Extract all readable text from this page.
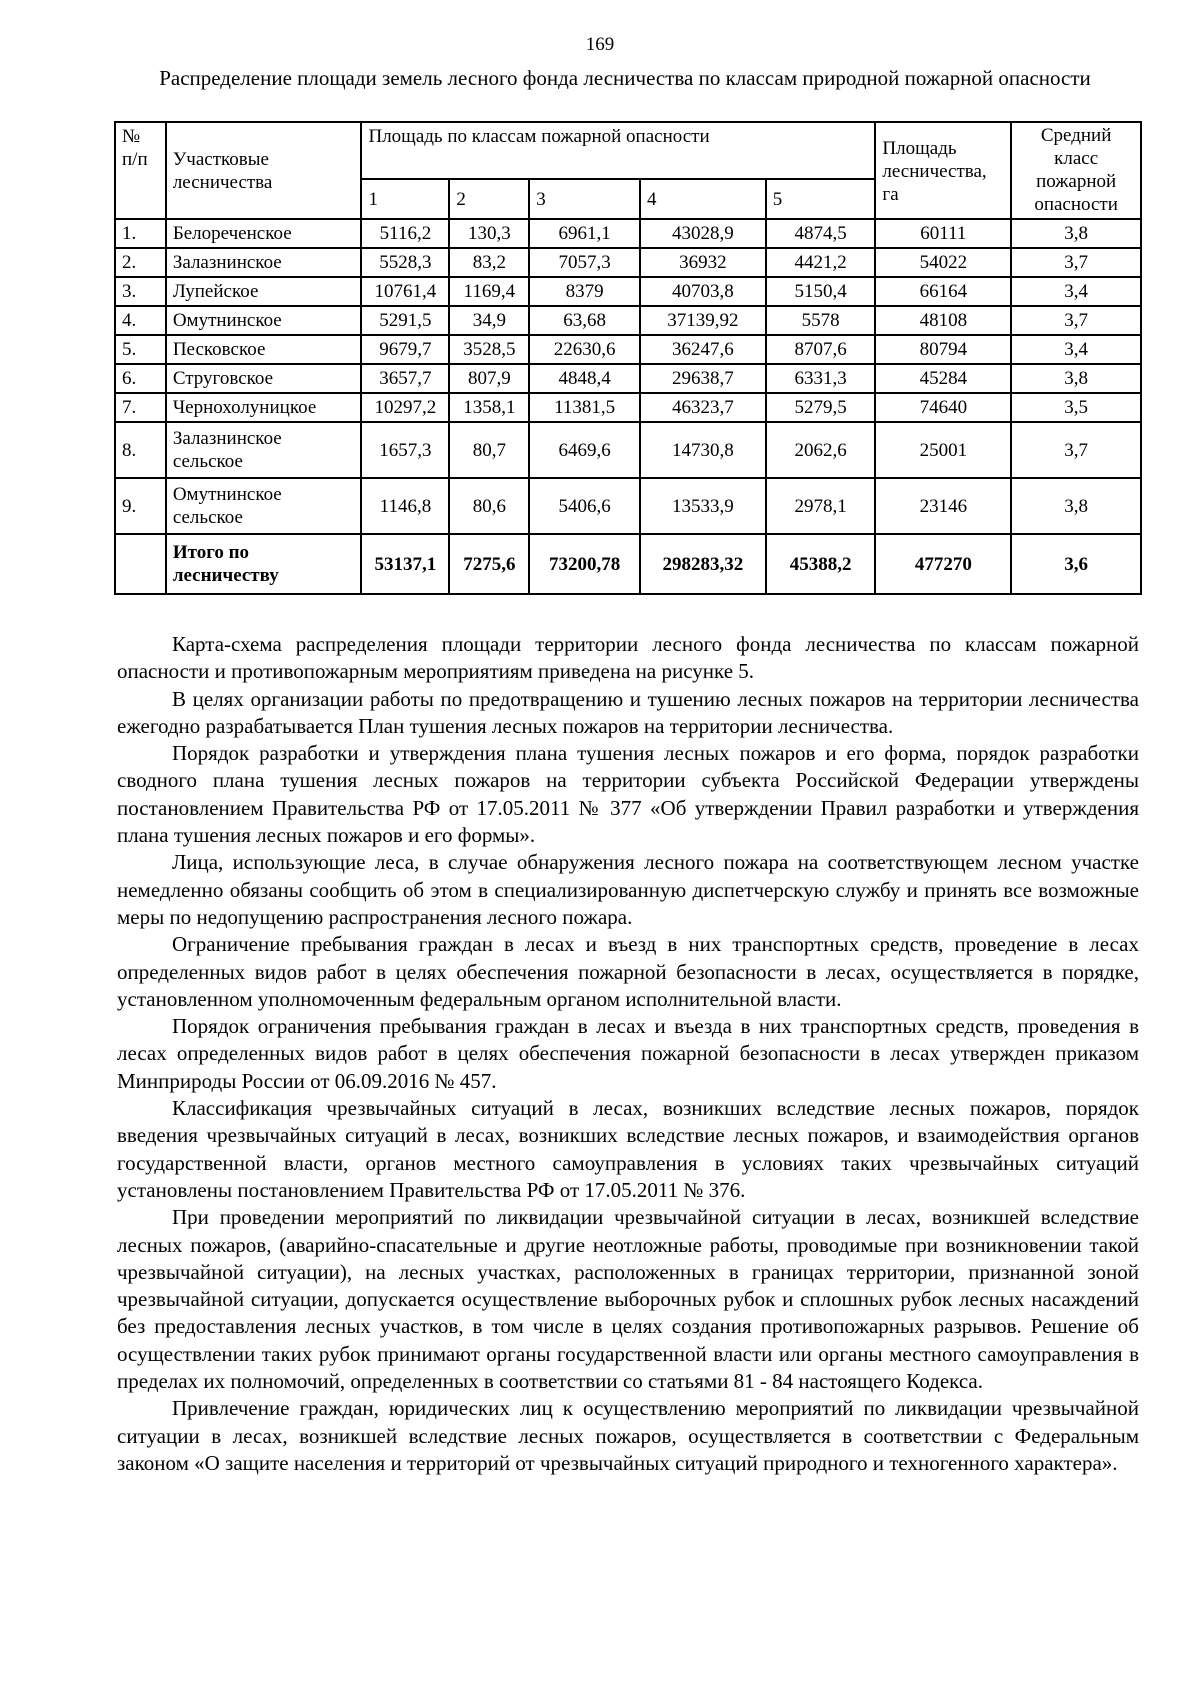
169
Распределение площади земель лесного фонда лесничества по классам природной пожарной опасности
№ п/п	Участковые лесничества	Площадь по классам пожарной опасности					Площадь лесничества, га	Средний класс пожарной опасности
		1	2	3	4	5		
1.	Белореченское	5116,2	130,3	6961,1	43028,9	4874,5	60111	3,8
2.	Залазнинское	5528,3	83,2	7057,3	36932	4421,2	54022	3,7
3.	Лупейское	10761,4	1169,4	8379	40703,8	5150,4	66164	3,4
4.	Омутнинское	5291,5	34,9	63,68	37139,92	5578	48108	3,7
5.	Песковское	9679,7	3528,5	22630,6	36247,6	8707,6	80794	3,4
6.	Струговское	3657,7	807,9	4848,4	29638,7	6331,3	45284	3,8
7.	Чернохолуницкое	10297,2	1358,1	11381,5	46323,7	5279,5	74640	3,5
8.	Залазнинское сельское	1657,3	80,7	6469,6	14730,8	2062,6	25001	3,7
9.	Омутнинское сельское	1146,8	80,6	5406,6	13533,9	2978,1	23146	3,8
	Итого по лесничеству	53137,1	7275,6	73200,78	298283,32	45388,2	477270	3,6

Карта-схема распределения площади территории лесного фонда лесничества по классам пожарной опасности и противопожарным мероприятиям приведена на рисунке 5.

В целях организации работы по предотвращению и тушению лесных пожаров на территории лесничества ежегодно разрабатывается План тушения лесных пожаров на территории лесничества.

Порядок разработки и утверждения плана тушения лесных пожаров и его форма, порядок разработки сводного плана тушения лесных пожаров на территории субъекта Российской Федерации утверждены постановлением Правительства РФ от 17.05.2011 № 377 «Об утверждении Правил разработки и утверждения плана тушения лесных пожаров и его формы».

Лица, использующие леса, в случае обнаружения лесного пожара на соответствующем лесном участке немедленно обязаны сообщить об этом в специализированную диспетчерскую службу и принять все возможные меры по недопущению распространения лесного пожара.

Ограничение пребывания граждан в лесах и въезд в них транспортных средств, проведение в лесах определенных видов работ в целях обеспечения пожарной безопасности в лесах, осуществляется в порядке, установленном уполномоченным федеральным органом исполнительной власти.

Порядок ограничения пребывания граждан в лесах и въезда в них транспортных средств, проведения в лесах определенных видов работ в целях обеспечения пожарной безопасности в лесах утвержден приказом Минприроды России от 06.09.2016 № 457.

Классификация чрезвычайных ситуаций в лесах, возникших вследствие лесных пожаров, порядок введения чрезвычайных ситуаций в лесах, возникших вследствие лесных пожаров, и взаимодействия органов государственной власти, органов местного самоуправления в условиях таких чрезвычайных ситуаций установлены постановлением Правительства РФ от 17.05.2011 № 376.

При проведении мероприятий по ликвидации чрезвычайной ситуации в лесах, возникшей вследствие лесных пожаров, (аварийно-спасательные и другие неотложные работы, проводимые при возникновении такой чрезвычайной ситуации), на лесных участках, расположенных в границах территории, признанной зоной чрезвычайной ситуации, допускается осуществление выборочных рубок и сплошных рубок лесных насаждений без предоставления лесных участков, в том числе в целях создания противопожарных разрывов. Решение об осуществлении таких рубок принимают органы государственной власти или органы местного самоуправления в пределах их полномочий, определенных в соответствии со статьями 81 - 84 настоящего Кодекса.

Привлечение граждан, юридических лиц к осуществлению мероприятий по ликвидации чрезвычайной ситуации в лесах, возникшей вследствие лесных пожаров, осуществляется в соответствии с Федеральным законом «О защите населения и территорий от чрезвычайных ситуаций природного и техногенного характера».
